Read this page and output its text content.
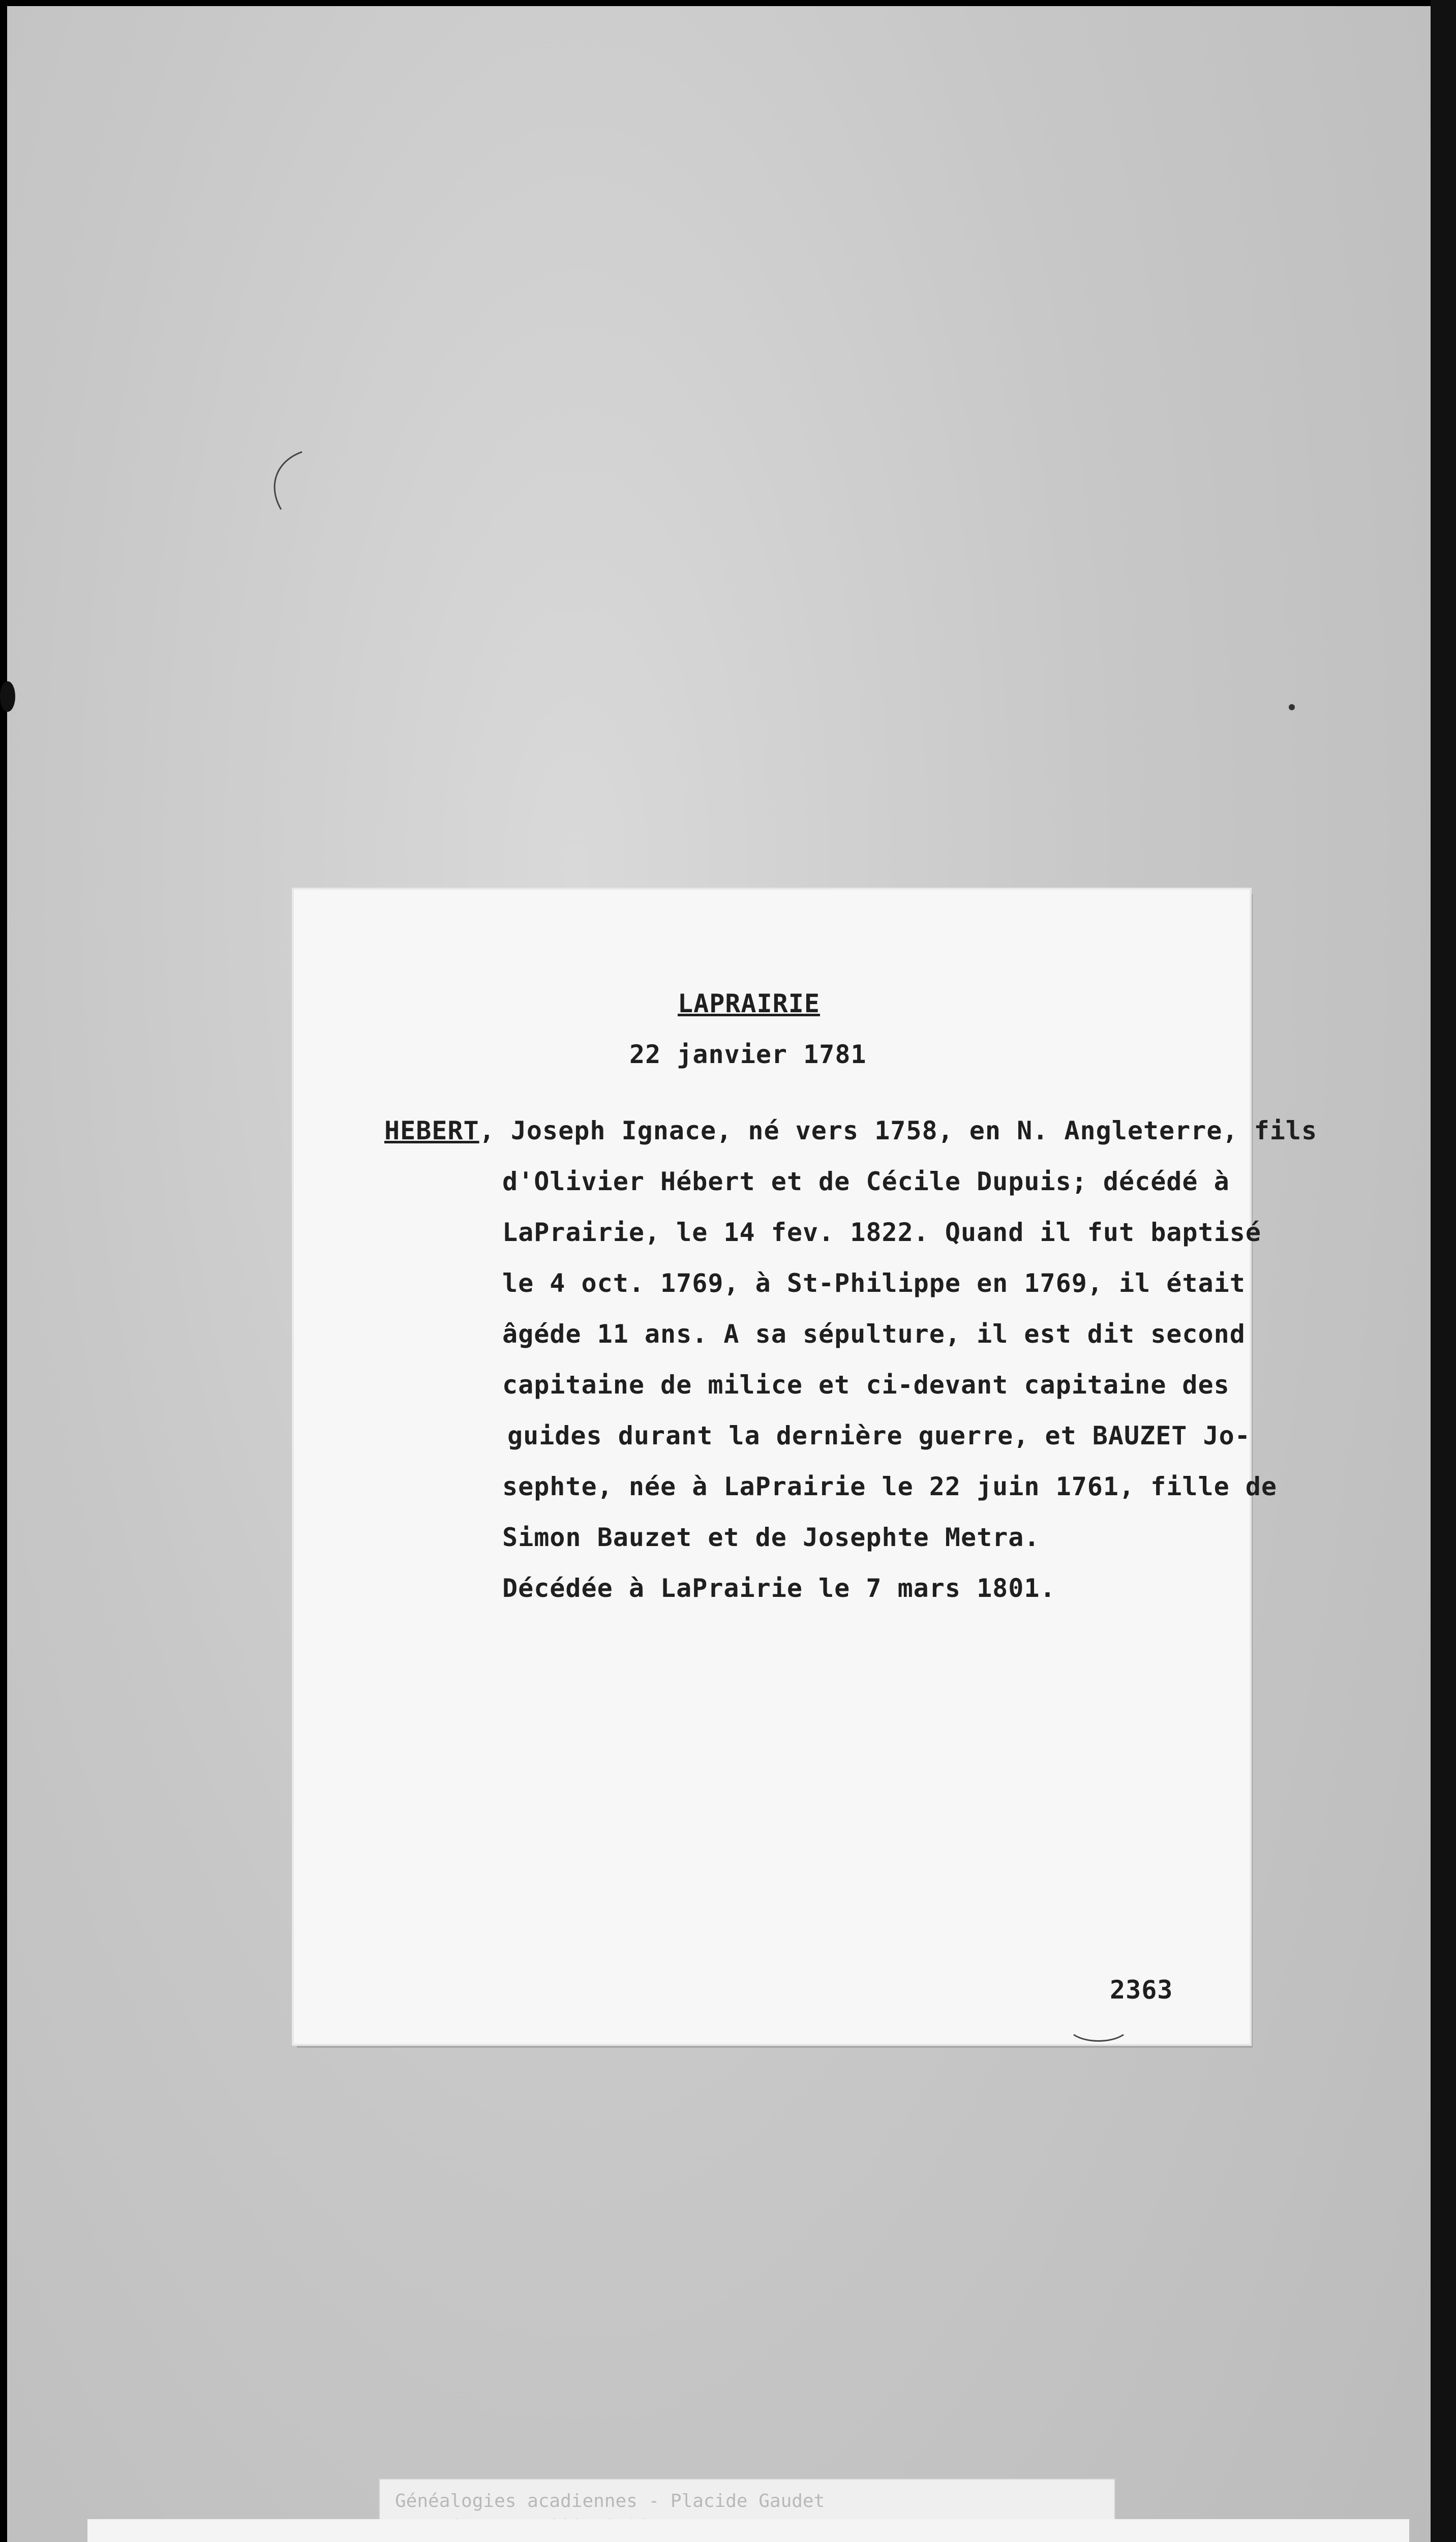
LAPRAIRIE
22 janvier 1781
HEBERT, Joseph Ignace, né vers 1758, en N. Angleterre, fils
d'Olivier Hébert et de Cécile Dupuis; décédé à
LaPrairie, le 14 fev. 1822. Quand il fut baptisé
le 4 oct. 1769, à St-Philippe en 1769, il était
âgéde 11 ans. A sa sépulture, il est dit second
capitaine de milice et ci-devant capitaine des
guides durant la dernière guerre, et BAUZET Jo-
sephte, née à LaPrairie le 22 juin 1761, fille de
Simon Bauzet et de Josephte Metra.
Décédée à LaPrairie le 7 mars 1801.
2363
Généalogies acadiennes - Placide Gaudet
